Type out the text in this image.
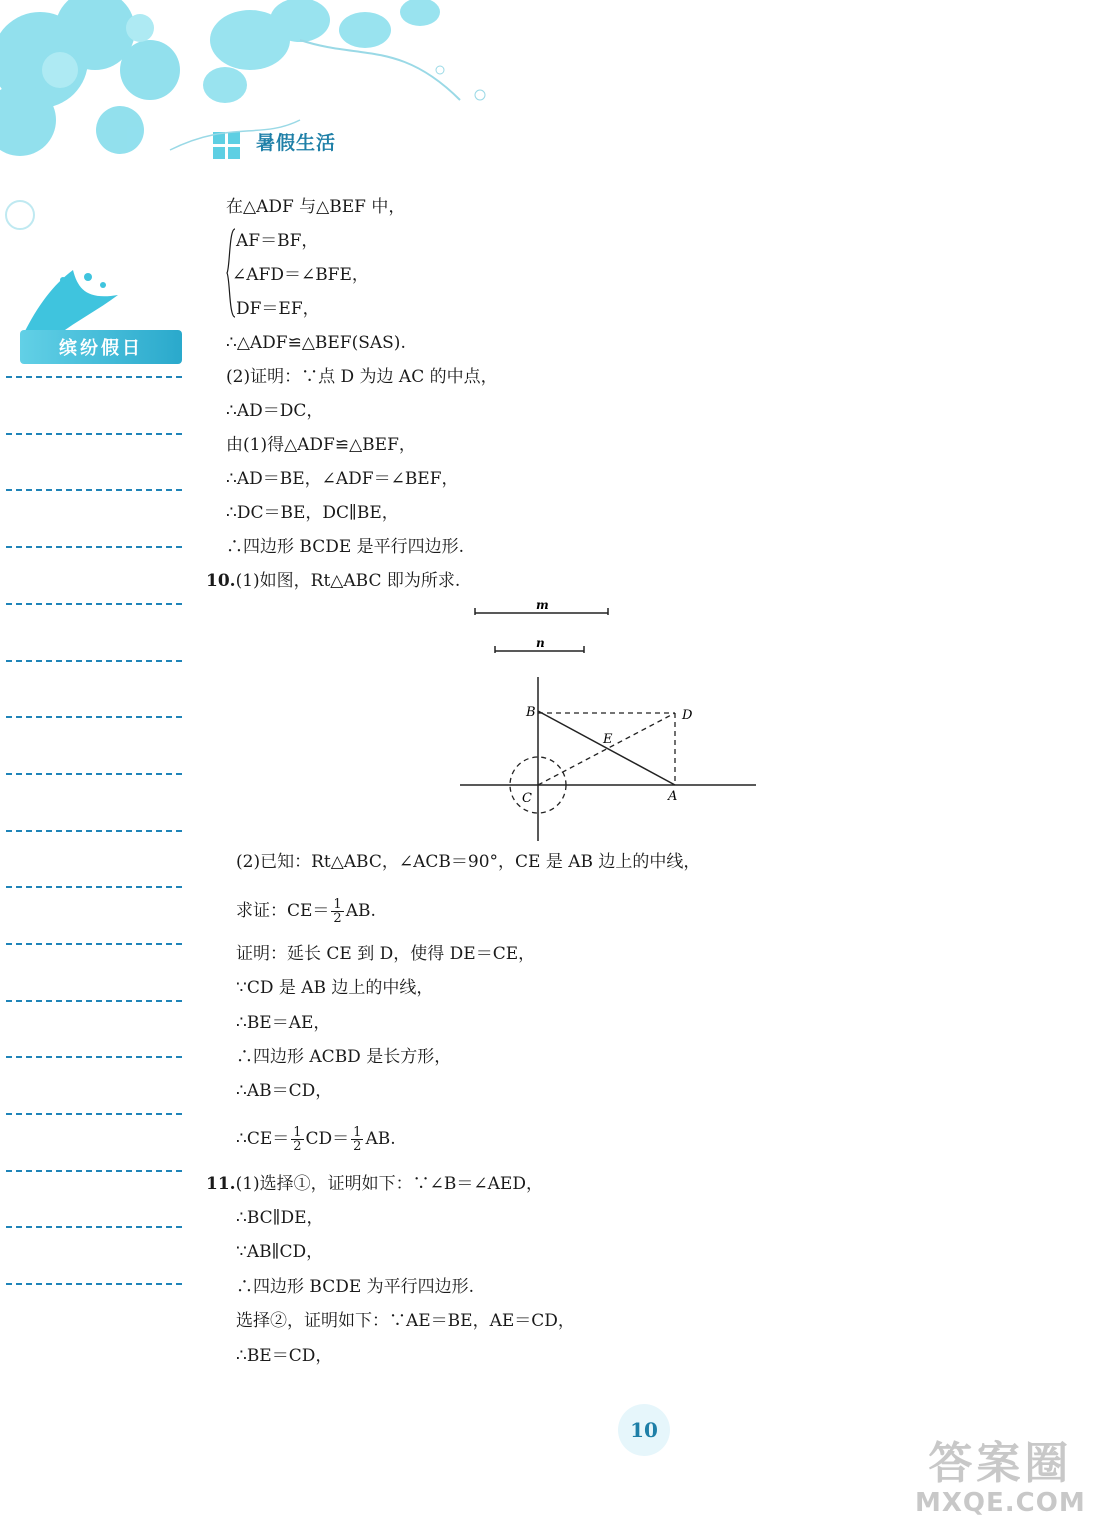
暑假生活
缤纷假日
在△ADF 与△BEF 中，
AF＝BF，
∠AFD＝∠BFE，
DF＝EF，
∴△ADF≌△BEF(SAS).
(2)证明：∵点 D 为边 AC 的中点，
∴AD＝DC，
由(1)得△ADF≌△BEF，
∴AD＝BE，∠ADF＝∠BEF，
∴DC＝BE，DC∥BE，
∴四边形 BCDE 是平行四边形.
10.(1)如图，Rt△ABC 即为所求.
m
n
B	D
E
C	A
(2)已知：Rt△ABC，∠ACB＝90°，CE 是 AB 边上的中线，
求证：$CE= \frac{1}{2}$ AB.
证明：延长 CE 到 D，使得 DE＝CE，
∵CD 是 AB 边上的中线，
∴BE＝AE，
∴四边形 ACBD 是长方形，
∴AB＝CD，
∴CE＝ $\frac{1}{2} CD= \frac{1}{2}$ AB.
11.(1)选择①，证明如下：∵∠B＝∠AED，
∴BC∥DE，
∵AB∥CD，
∴四边形 BCDE 为平行四边形.
选择②，证明如下：∵AE＝BE，AE＝CD，
∴BE＝CD，
10
答案圈
MXQE.COM
